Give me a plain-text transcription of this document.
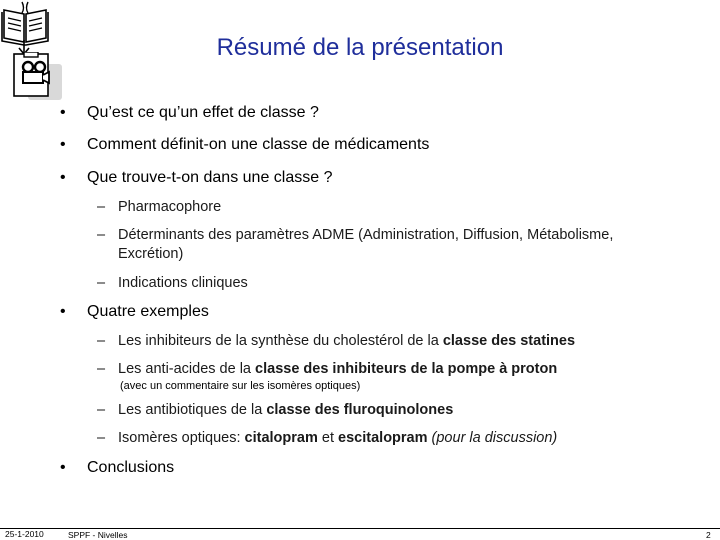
Résumé de la présentation
• Qu’est ce qu’un effet de classe ?
• Comment définit-on une classe de médicaments
• Que trouve-t-on dans une classe ?
– Pharmacophore
– Déterminants des paramètres ADME (Administration, Diffusion, Métabolisme,
Excrétion)
– Indications cliniques
• Quatre exemples
– Les inhibiteurs de la synthèse du cholestérol de la classe des statines
– Les anti-acides de la classe des inhibiteurs de la pompe à proton
(avec un commentaire sur les isomères optiques)
– Les antibiotiques de la classe des fluroquinolones
– Isomères optiques: citalopram et escitalopram (pour la discussion)
• Conclusions
25-1-2010	SPPF - Nivelles	2
